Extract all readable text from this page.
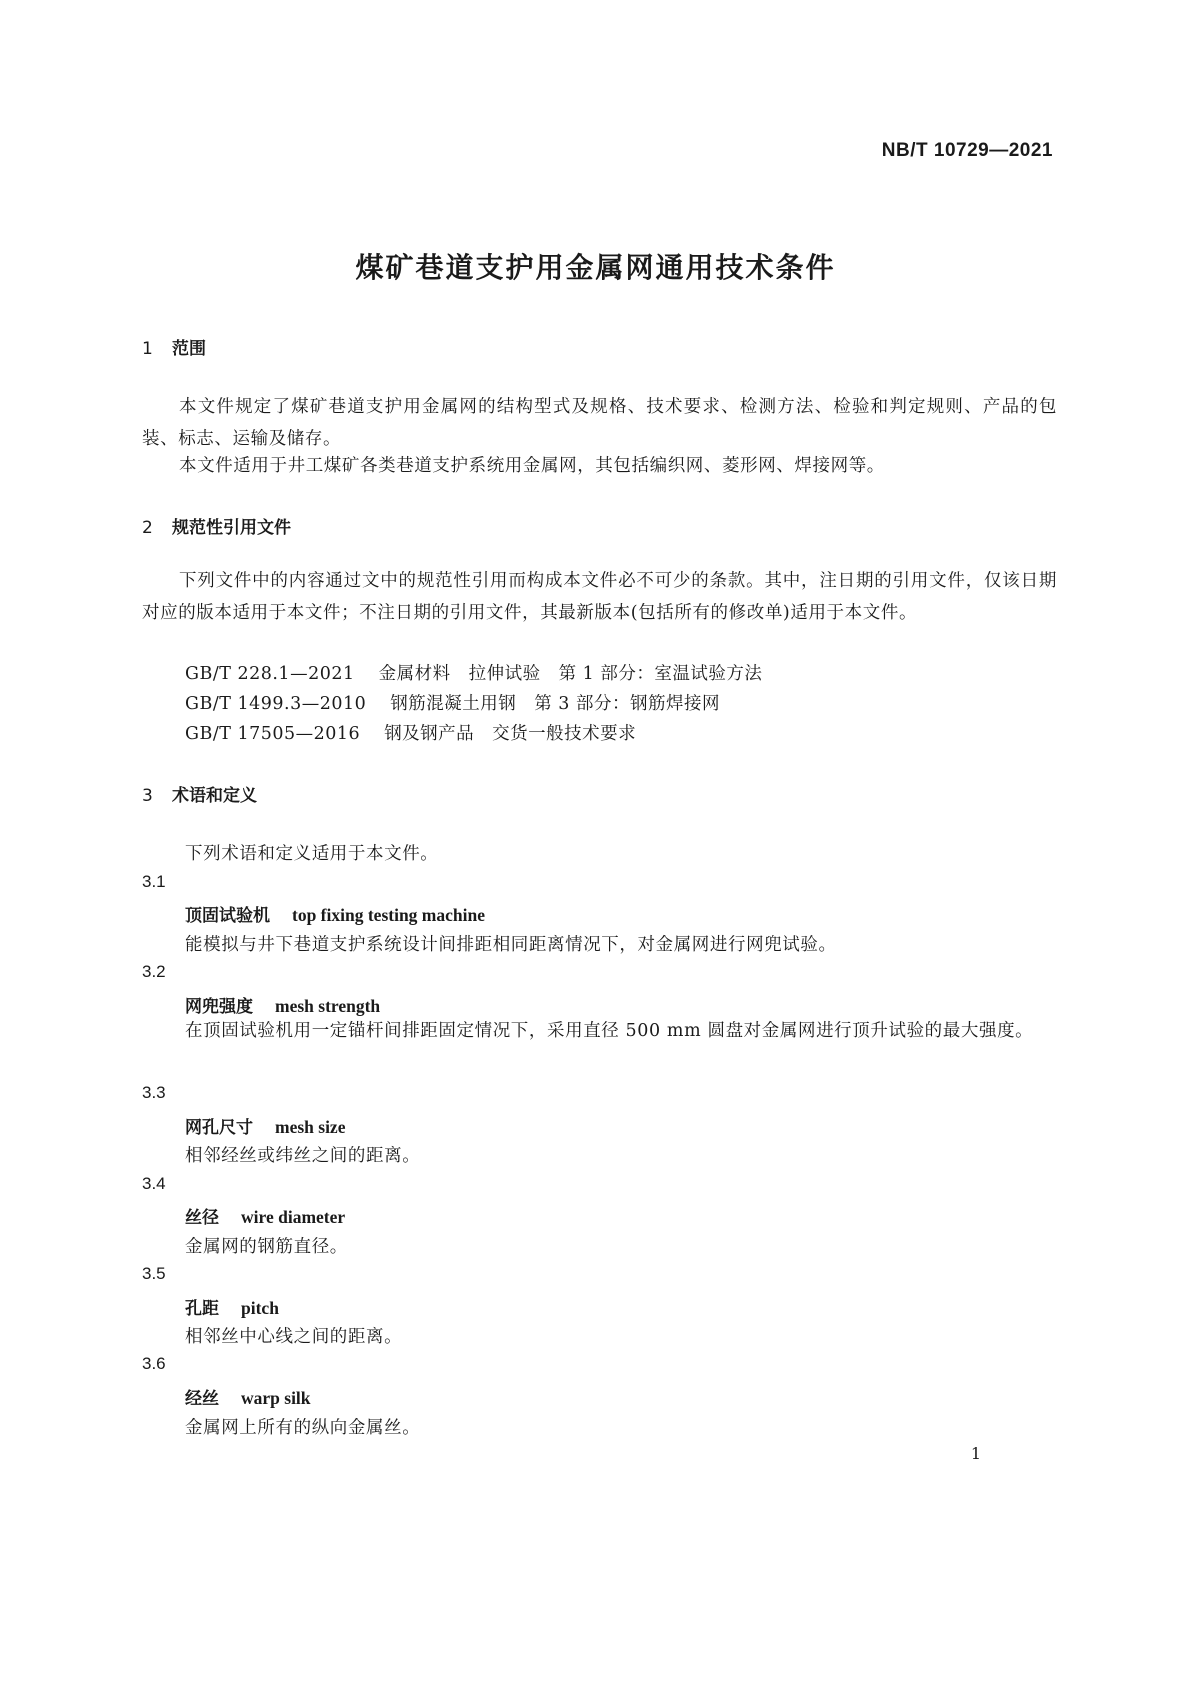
NB/T 10729—2021
煤矿巷道支护用金属网通用技术条件
1 范围
本文件规定了煤矿巷道支护用金属网的结构型式及规格、技术要求、检测方法、检验和判定规则、产品的包装、标志、运输及储存。
本文件适用于井工煤矿各类巷道支护系统用金属网，其包括编织网、菱形网、焊接网等。
2 规范性引用文件
下列文件中的内容通过文中的规范性引用而构成本文件必不可少的条款。其中，注日期的引用文件，仅该日期对应的版本适用于本文件；不注日期的引用文件，其最新版本(包括所有的修改单)适用于本文件。
GB/T 228.1—2021 金属材料　拉伸试验　第 1 部分：室温试验方法
GB/T 1499.3—2010 钢筋混凝土用钢　第 3 部分：钢筋焊接网
GB/T 17505—2016 钢及钢产品　交货一般技术要求
3 术语和定义
下列术语和定义适用于本文件。
3.1
顶固试验机 top fixing testing machine
能模拟与井下巷道支护系统设计间排距相同距离情况下，对金属网进行网兜试验。
3.2
网兜强度 mesh strength
在顶固试验机用一定锚杆间排距固定情况下，采用直径 500 mm 圆盘对金属网进行顶升试验的最大强度。
3.3
网孔尺寸 mesh size
相邻经丝或纬丝之间的距离。
3.4
丝径 wire diameter
金属网的钢筋直径。
3.5
孔距 pitch
相邻丝中心线之间的距离。
3.6
经丝 warp silk
金属网上所有的纵向金属丝。
1
